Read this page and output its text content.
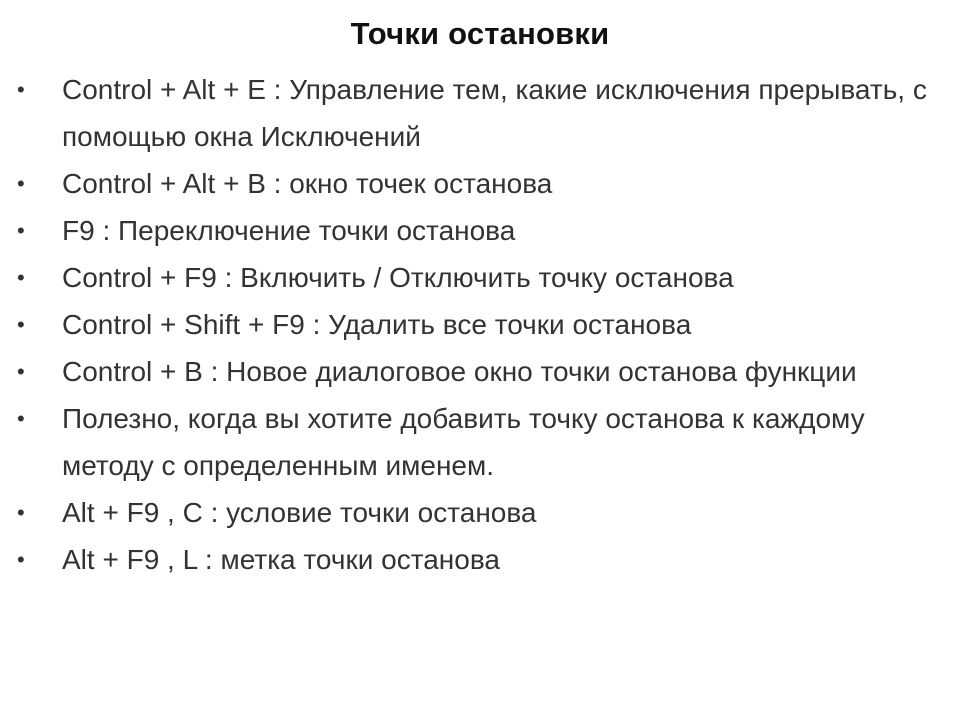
Точки остановки
• Control + Alt + E : Управление тем, какие исключения прерывать, с помощью окна Исключений
• Control + Alt + B : окно точек останова
• F9 : Переключение точки останова
• Control + F9 : Включить / Отключить точку останова
• Control + Shift + F9 : Удалить все точки останова
• Control + B : Новое диалоговое окно точки останова функции
• Полезно, когда вы хотите добавить точку останова к каждому методу с определенным именем.
• Alt + F9 , C : условие точки останова
• Alt + F9 , L : метка точки останова
